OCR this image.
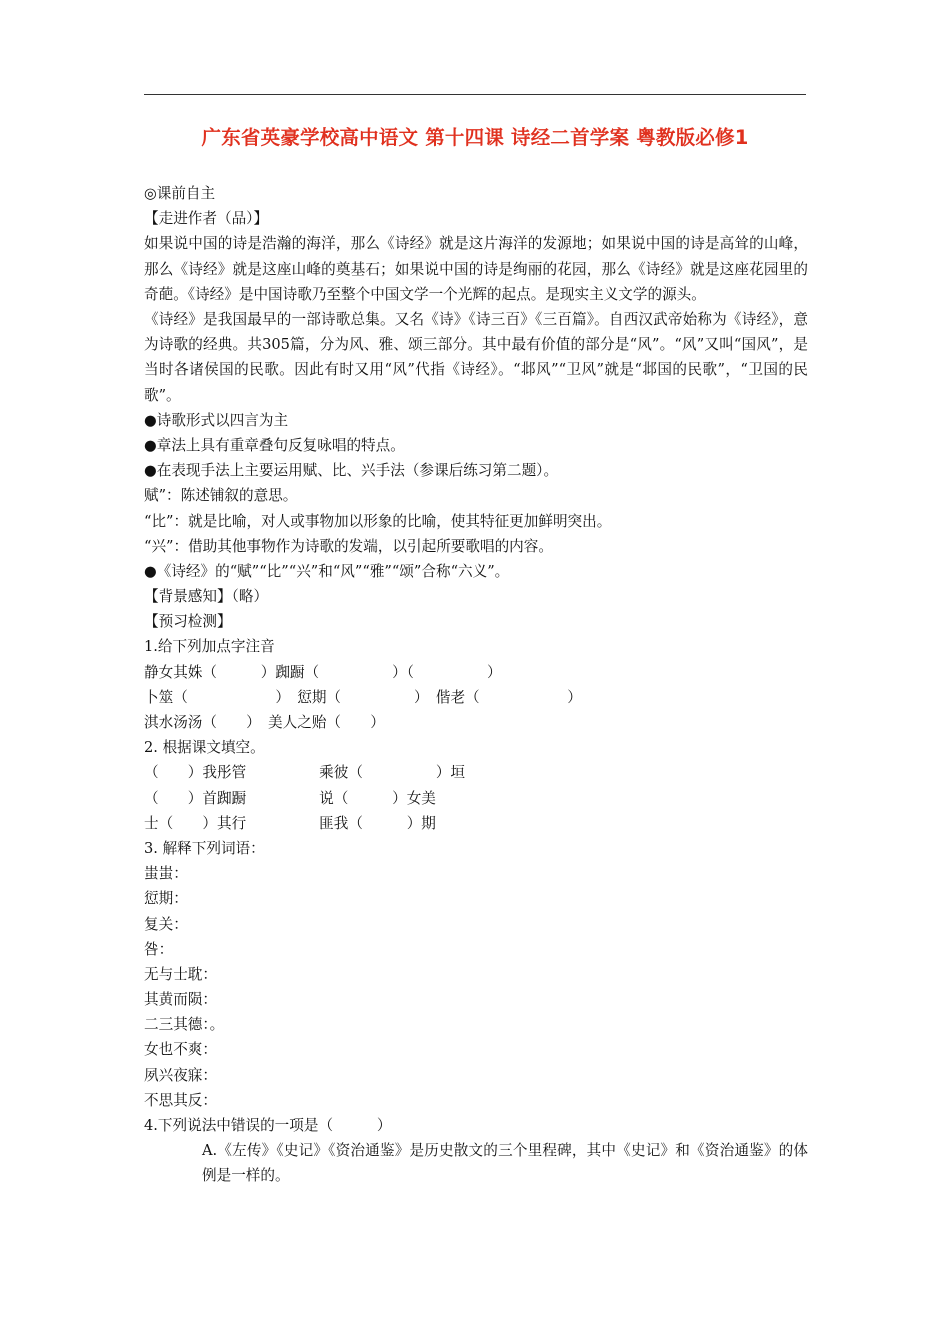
广东省英豪学校高中语文 第十四课 诗经二首学案 粤教版必修1
◎课前自主
【走进作者（品）】
如果说中国的诗是浩瀚的海洋，那么《诗经》就是这片海洋的发源地；如果说中国的诗是高耸的山峰，那么《诗经》就是这座山峰的奠基石；如果说中国的诗是绚丽的花园，那么《诗经》就是这座花园里的奇葩。《诗经》是中国诗歌乃至整个中国文学一个光辉的起点。是现实主义文学的源头。
《诗经》是我国最早的一部诗歌总集。又名《诗》《诗三百》《三百篇》。自西汉武帝始称为《诗经》，意为诗歌的经典。共305篇，分为风、雅、颂三部分。其中最有价值的部分是“风”。“风”又叫“国风”，是当时各诸侯国的民歌。因此有时又用“风”代指《诗经》。“邶风”“卫风”就是“邶国的民歌”，“卫国的民歌”。
●诗歌形式以四言为主
●章法上具有重章叠句反复咏唱的特点。
●在表现手法上主要运用赋、比、兴手法（参课后练习第二题）。
赋”：陈述铺叙的意思。
“比”：就是比喻，对人或事物加以形象的比喻，使其特征更加鲜明突出。
“兴”：借助其他事物作为诗歌的发端，以引起所要歌唱的内容。
●《诗经》的“赋”“比”“兴”和“风”“雅”“颂”合称“六义”。
【背景感知】（略）
【预习检测】
1.给下列加点字注音
静女其姝（　　　）踟蹰（　　　　　）（　　　　　）
卜筮（　　　　　　）　愆期（　　　　　）　偕老（　　　　　　）
淇水汤汤（　　）　美人之贻（　　）
2. 根据课文填空。
（　　）我彤管　　　　　乘彼（　　　　　）垣
（　　）首踟蹰　　　　　说（　　　）女美
士（　　）其行　　　　　匪我（　　　）期
3. 解释下列词语：
蚩蚩：
愆期：
复关：
咎：
无与士耽：
其黄而陨：
二三其德：。
女也不爽：
夙兴夜寐：
不思其反：
4.下列说法中错误的一项是（　　　）
A.《左传》《史记》《资治通鉴》是历史散文的三个里程碑，其中《史记》和《资治通鉴》的体例是一样的。
